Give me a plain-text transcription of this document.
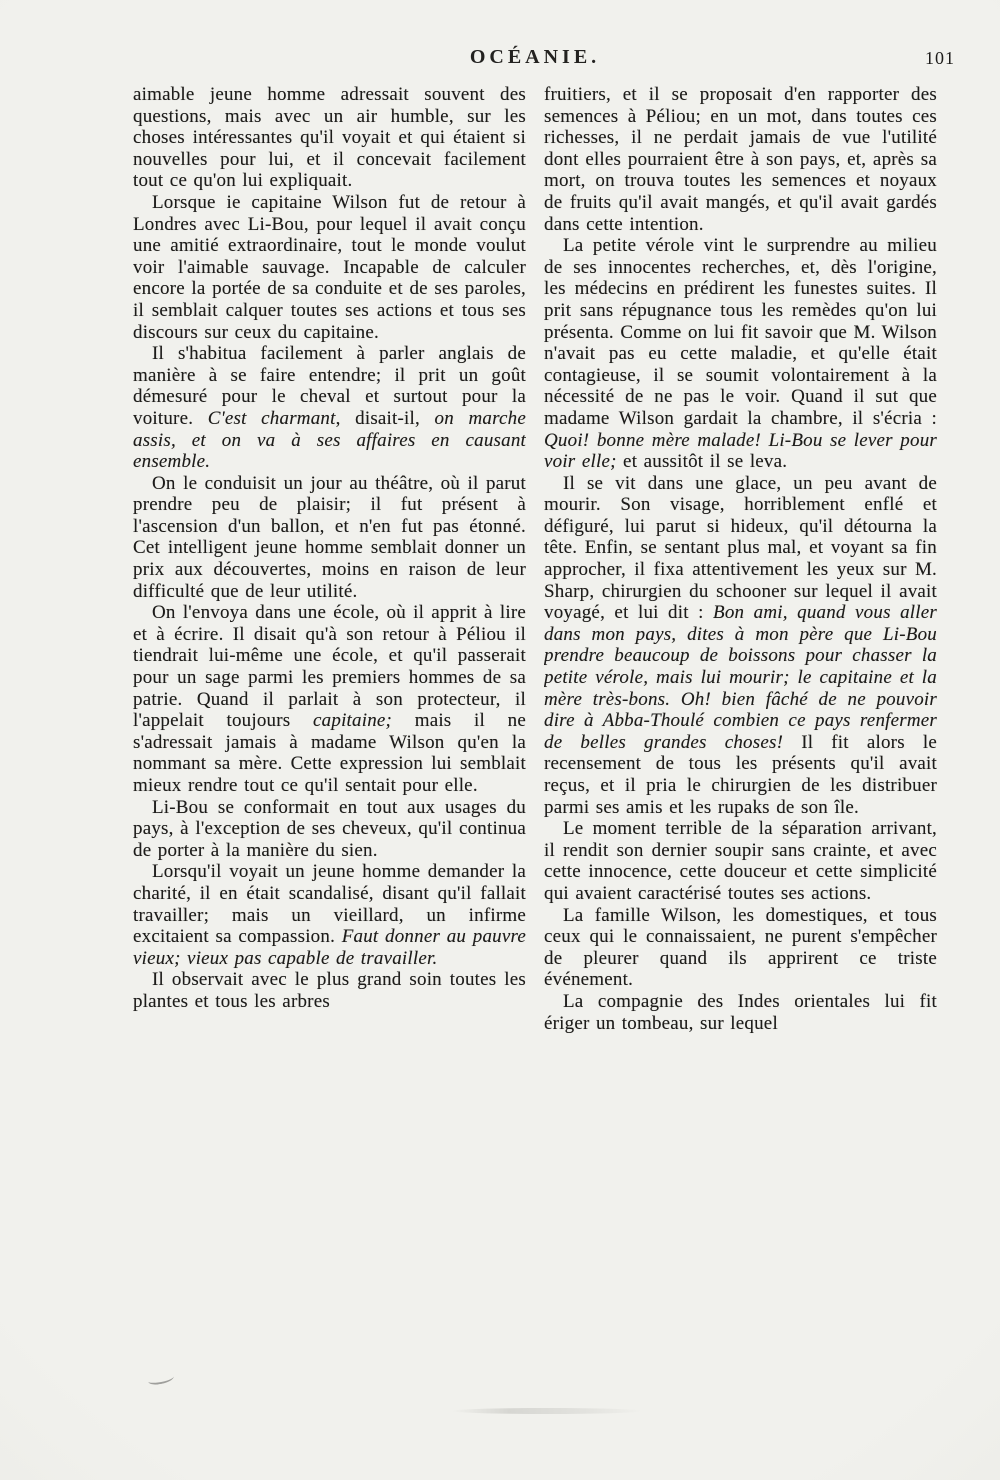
OCÉANIE.	101

aimable jeune homme adressait souvent des questions, mais avec un air humble, sur les choses intéressantes qu'il voyait et qui étaient si nouvelles pour lui, et il concevait facilement tout ce qu'on lui expliquait.

Lorsque ie capitaine Wilson fut de retour à Londres avec Li-Bou, pour lequel il avait conçu une amitié extraordinaire, tout le monde voulut voir l'aimable sauvage. Incapable de calculer encore la portée de sa conduite et de ses paroles, il semblait calquer toutes ses actions et tous ses discours sur ceux du capitaine.

Il s'habitua facilement à parler anglais de manière à se faire entendre; il prit un goût démesuré pour le cheval et surtout pour la voiture. C'est charmant, disait-il, on marche assis, et on va à ses affaires en causant ensemble.

On le conduisit un jour au théâtre, où il parut prendre peu de plaisir; il fut présent à l'ascension d'un ballon, et n'en fut pas étonné. Cet intelligent jeune homme semblait donner un prix aux découvertes, moins en raison de leur difficulté que de leur utilité.

On l'envoya dans une école, où il apprit à lire et à écrire. Il disait qu'à son retour à Péliou il tiendrait lui-même une école, et qu'il passerait pour un sage parmi les premiers hommes de sa patrie. Quand il parlait à son protecteur, il l'appelait toujours capitaine; mais il ne s'adressait jamais à madame Wilson qu'en la nommant sa mère. Cette expression lui semblait mieux rendre tout ce qu'il sentait pour elle.

Li-Bou se conformait en tout aux usages du pays, à l'exception de ses cheveux, qu'il continua de porter à la manière du sien.

Lorsqu'il voyait un jeune homme demander la charité, il en était scandalisé, disant qu'il fallait travailler; mais un vieillard, un infirme excitaient sa compassion. Faut donner au pauvre vieux; vieux pas capable de travailler.

Il observait avec le plus grand soin toutes les plantes et tous les arbres

fruitiers, et il se proposait d'en rapporter des semences à Péliou; en un mot, dans toutes ces richesses, il ne perdait jamais de vue l'utilité dont elles pourraient être à son pays, et, après sa mort, on trouva toutes les semences et noyaux de fruits qu'il avait mangés, et qu'il avait gardés dans cette intention.

La petite vérole vint le surprendre au milieu de ses innocentes recherches, et, dès l'origine, les médecins en prédirent les funestes suites. Il prit sans répugnance tous les remèdes qu'on lui présenta. Comme on lui fit savoir que M. Wilson n'avait pas eu cette maladie, et qu'elle était contagieuse, il se soumit volontairement à la nécessité de ne pas le voir. Quand il sut que madame Wilson gardait la chambre, il s'écria : Quoi! bonne mère malade! Li-Bou se lever pour voir elle; et aussitôt il se leva.

Il se vit dans une glace, un peu avant de mourir. Son visage, horriblement enflé et défiguré, lui parut si hideux, qu'il détourna la tête. Enfin, se sentant plus mal, et voyant sa fin approcher, il fixa attentivement les yeux sur M. Sharp, chirurgien du schooner sur lequel il avait voyagé, et lui dit : Bon ami, quand vous aller dans mon pays, dites à mon père que Li-Bou prendre beaucoup de boissons pour chasser la petite vérole, mais lui mourir; le capitaine et la mère très-bons. Oh! bien fâché de ne pouvoir dire à Abba-Thoulé combien ce pays renfermer de belles grandes choses! Il fit alors le recensement de tous les présents qu'il avait reçus, et il pria le chirurgien de les distribuer parmi ses amis et les rupaks de son île.

Le moment terrible de la séparation arrivant, il rendit son dernier soupir sans crainte, et avec cette innocence, cette douceur et cette simplicité qui avaient caractérisé toutes ses actions.

La famille Wilson, les domestiques, et tous ceux qui le connaissaient, ne purent s'empêcher de pleurer quand ils apprirent ce triste événement.

La compagnie des Indes orientales lui fit ériger un tombeau, sur lequel
